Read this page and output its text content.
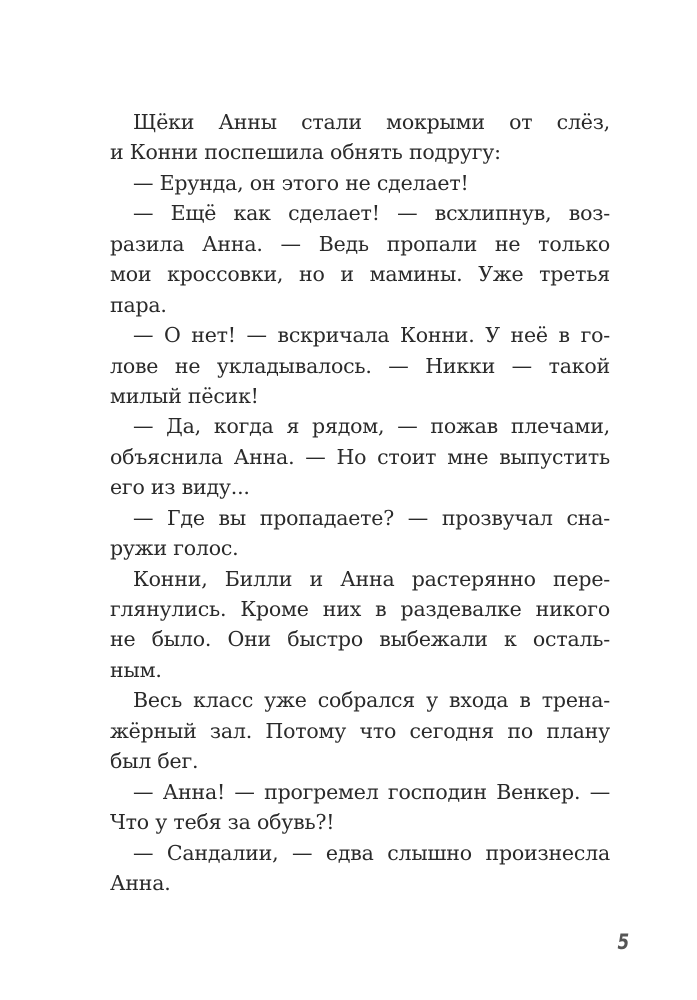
Щёки Анны стали мокрыми от слёз,
и Конни поспешила обнять подругу:
— Ерунда, он этого не сделает!
— Ещё как сделает! — всхлипнув, воз-
разила Анна. — Ведь пропали не только
мои кроссовки, но и мамины. Уже третья
пара.
— О нет! — вскричала Конни. У неё в го-
лове не укладывалось. — Никки — такой
милый пёсик!
— Да, когда я рядом, — пожав плечами,
объяснила Анна. — Но стоит мне выпустить
его из виду...
— Где вы пропадаете? — прозвучал сна-
ружи голос.
Конни, Билли и Анна растерянно пере-
глянулись. Кроме них в раздевалке никого
не было. Они быстро выбежали к осталь-
ным.
Весь класс уже собрался у входа в трена-
жёрный зал. Потому что сегодня по плану
был бег.
— Анна! — прогремел господин Венкер. —
Что у тебя за обувь?!
— Сандалии, — едва слышно произнесла
Анна.
5
